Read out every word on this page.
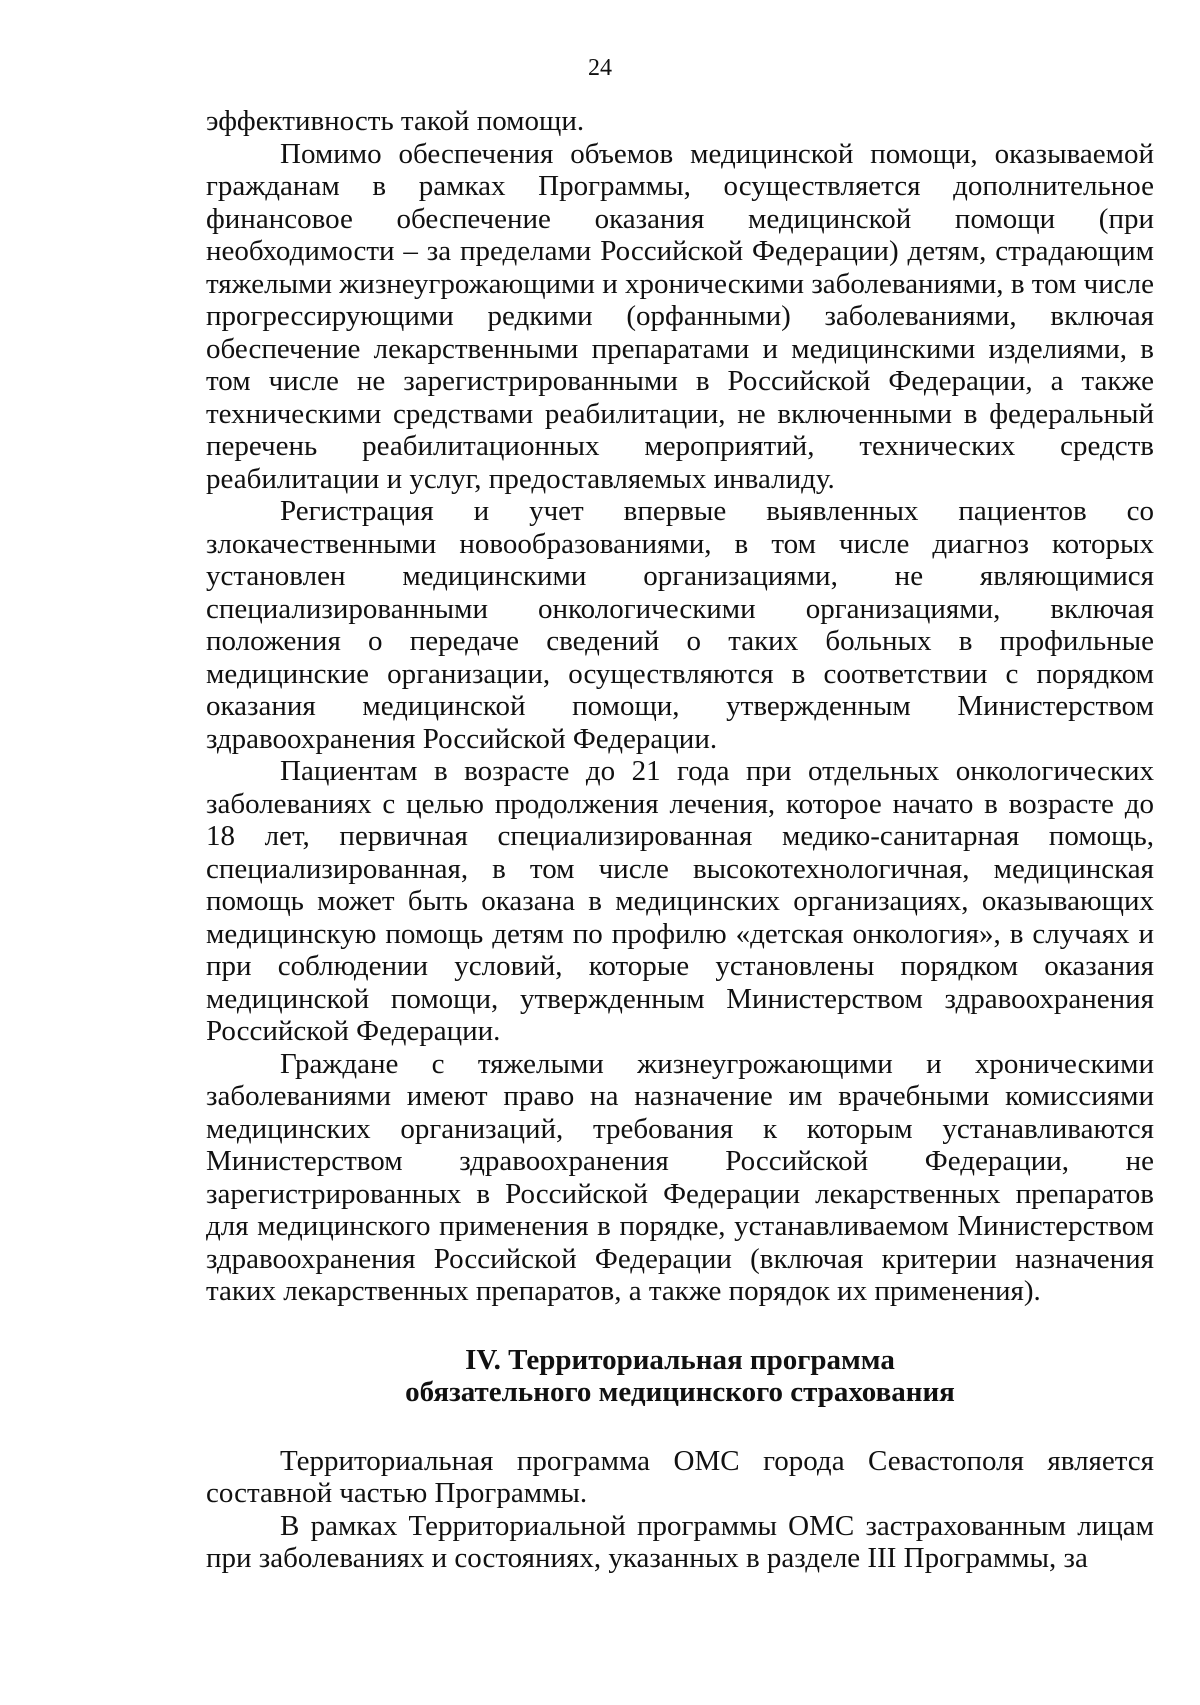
24

эффективность такой помощи.

Помимо обеспечения объемов медицинской помощи, оказываемой гражданам в рамках Программы, осуществляется дополнительное финансовое обеспечение оказания медицинской помощи (при необходимости – за пределами Российской Федерации) детям, страдающим тяжелыми жизнеугрожающими и хроническими заболеваниями, в том числе прогрессирующими редкими (орфанными) заболеваниями, включая обеспечение лекарственными препаратами и медицинскими изделиями, в том числе не зарегистрированными в Российской Федерации, а также техническими средствами реабилитации, не включенными в федеральный перечень реабилитационных мероприятий, технических средств реабилитации и услуг, предоставляемых инвалиду.

Регистрация и учет впервые выявленных пациентов со злокачественными новообразованиями, в том числе диагноз которых установлен медицинскими организациями, не являющимися специализированными онкологическими организациями, включая положения о передаче сведений о таких больных в профильные медицинские организации, осуществляются в соответствии с порядком оказания медицинской помощи, утвержденным Министерством здравоохранения Российской Федерации.

Пациентам в возрасте до 21 года при отдельных онкологических заболеваниях с целью продолжения лечения, которое начато в возрасте до 18 лет, первичная специализированная медико-санитарная помощь, специализированная, в том числе высокотехнологичная, медицинская помощь может быть оказана в медицинских организациях, оказывающих медицинскую помощь детям по профилю «детская онкология», в случаях и при соблюдении условий, которые установлены порядком оказания медицинской помощи, утвержденным Министерством здравоохранения Российской Федерации.

Граждане с тяжелыми жизнеугрожающими и хроническими заболеваниями имеют право на назначение им врачебными комиссиями медицинских организаций, требования к которым устанавливаются Министерством здравоохранения Российской Федерации, не зарегистрированных в Российской Федерации лекарственных препаратов для медицинского применения в порядке, устанавливаемом Министерством здравоохранения Российской Федерации (включая критерии назначения таких лекарственных препаратов, а также порядок их применения).

IV. Территориальная программа
обязательного медицинского страхования

Территориальная программа ОМС города Севастополя является составной частью Программы.

В рамках Территориальной программы ОМС застрахованным лицам при заболеваниях и состояниях, указанных в разделе III Программы, за
